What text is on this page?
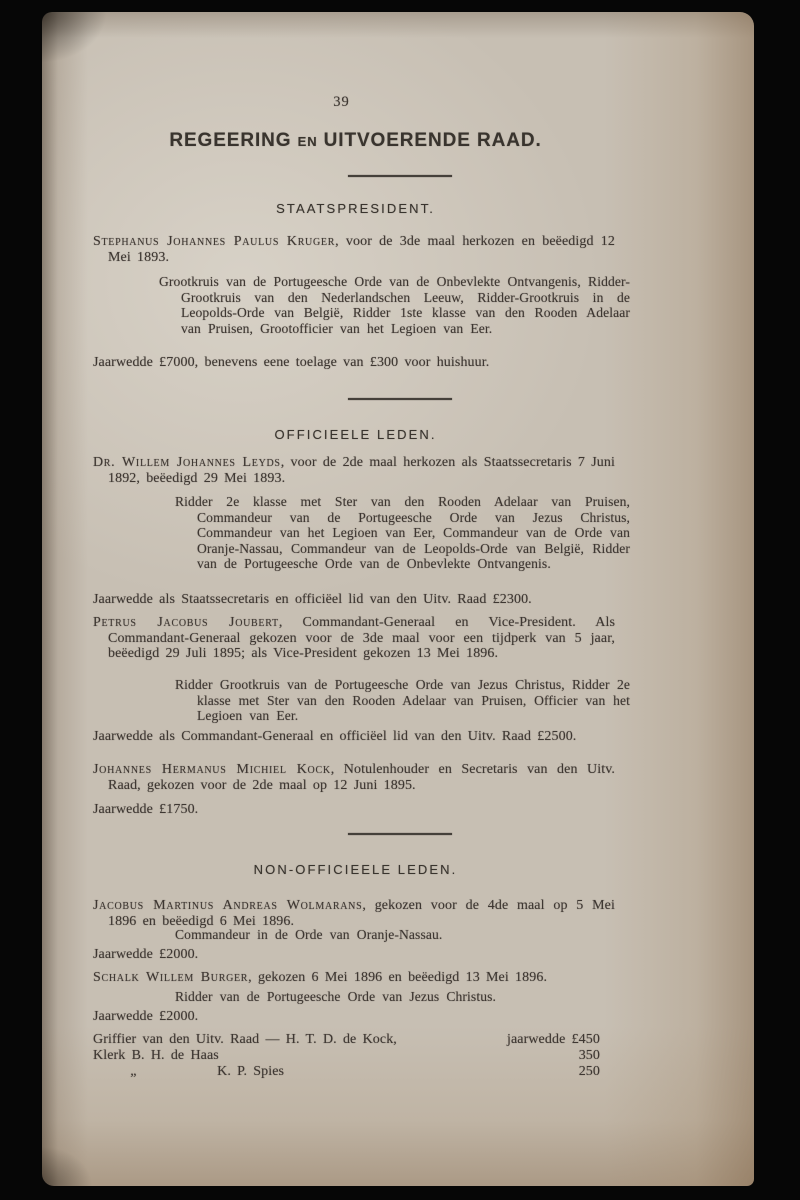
39
REGEERING en UITVOERENDE RAAD.
STAATSPRESIDENT.

Stephanus Johannes Paulus Kruger, voor de 3de maal herkozen en beëedigd 12 Mei 1893.

Grootkruis van de Portugeesche Orde van de Onbevlekte Ontvangenis, Ridder-Grootkruis van den Nederlandschen Leeuw, Ridder-Grootkruis in de Leopolds-Orde van België, Ridder 1ste klasse van den Rooden Adelaar van Pruisen, Grootofficier van het Legioen van Eer.

Jaarwedde £7000, benevens eene toelage van £300 voor huishuur.

OFFICIEELE LEDEN.

Dr. Willem Johannes Leyds, voor de 2de maal herkozen als Staatssecretaris 7 Juni 1892, beëedigd 29 Mei 1893.

Ridder 2e klasse met Ster van den Rooden Adelaar van Pruisen, Commandeur van de Portugeesche Orde van Jezus Christus, Commandeur van het Legioen van Eer, Commandeur van de Orde van Oranje-Nassau, Commandeur van de Leopolds-Orde van België, Ridder van de Portugeesche Orde van de Onbevlekte Ontvangenis.

Jaarwedde als Staatssecretaris en officiëel lid van den Uitv. Raad £2300.

Petrus Jacobus Joubert, Commandant-Generaal en Vice-President. Als Commandant-Generaal gekozen voor de 3de maal voor een tijdperk van 5 jaar, beëedigd 29 Juli 1895; als Vice-President gekozen 13 Mei 1896.

Ridder Grootkruis van de Portugeesche Orde van Jezus Christus, Ridder 2e klasse met Ster van den Rooden Adelaar van Pruisen, Officier van het Legioen van Eer.

Jaarwedde als Commandant-Generaal en officiëel lid van den Uitv. Raad £2500.

Johannes Hermanus Michiel Kock, Notulenhouder en Secretaris van den Uitv. Raad, gekozen voor de 2de maal op 12 Juni 1895.

Jaarwedde £1750.

NON-OFFICIEELE LEDEN.

Jacobus Martinus Andreas Wolmarans, gekozen voor de 4de maal op 5 Mei 1896 en beëedigd 6 Mei 1896.

Commandeur in de Orde van Oranje-Nassau.

Jaarwedde £2000.

Schalk Willem Burger, gekozen 6 Mei 1896 en beëedigd 13 Mei 1896.

Ridder van de Portugeesche Orde van Jezus Christus.

Jaarwedde £2000.

Griffier van den Uitv. Raad — H. T. D. de Kock,	jaarwedde £450
Klerk B. H. de Haas	350
„             K. P. Spies	250
